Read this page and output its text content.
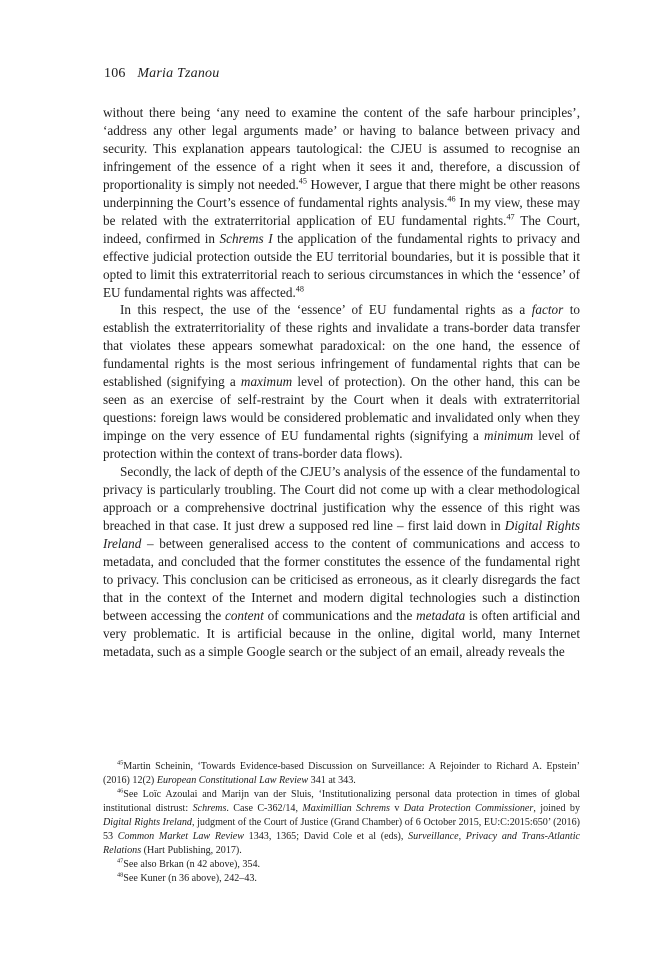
106 Maria Tzanou

without there being ‘any need to examine the content of the safe harbour principles’, ‘address any other legal arguments made’ or having to balance between privacy and security. This explanation appears tautological: the CJEU is assumed to recognise an infringement of the essence of a right when it sees it and, therefore, a discussion of proportionality is simply not needed.$^{45}$ However, I argue that there might be other reasons underpinning the Court’s essence of fundamental rights analysis.$^{46}$ In my view, these may be related with the extraterritorial application of EU fundamental rights.$^{47}$ The Court, indeed, confirmed in Schrems I the application of the fundamental rights to privacy and effective judicial protection outside the EU territorial boundaries, but it is possible that it opted to limit this extraterritorial reach to serious circumstances in which the ‘essence’ of EU fundamental rights was affected.$^{48}$

In this respect, the use of the ‘essence’ of EU fundamental rights as a factor to establish the extraterritoriality of these rights and invalidate a trans-border data transfer that violates these appears somewhat paradoxical: on the one hand, the essence of fundamental rights is the most serious infringement of fundamental rights that can be established (signifying a maximum level of protection). On the other hand, this can be seen as an exercise of self-restraint by the Court when it deals with extraterritorial questions: foreign laws would be considered problematic and invalidated only when they impinge on the very essence of EU fundamental rights (signifying a minimum level of protection within the context of trans-border data flows).

Secondly, the lack of depth of the CJEU’s analysis of the essence of the fundamental to privacy is particularly troubling. The Court did not come up with a clear methodological approach or a comprehensive doctrinal justification why the essence of this right was breached in that case. It just drew a supposed red line – first laid down in Digital Rights Ireland – between generalised access to the content of communications and access to metadata, and concluded that the former constitutes the essence of the fundamental right to privacy. This conclusion can be criticised as erroneous, as it clearly disregards the fact that in the context of the Internet and modern digital technologies such a distinction between accessing the content of communications and the metadata is often artificial and very problematic. It is artificial because in the online, digital world, many Internet metadata, such as a simple Google search or the subject of an email, already reveals the

$^{45}$Martin Scheinin, ‘Towards Evidence-based Discussion on Surveillance: A Rejoinder to Richard A. Epstein’ (2016) 12(2) European Constitutional Law Review 341 at 343.

$^{46}$See Loïc Azoulai and Marijn van der Sluis, ‘Institutionalizing personal data protection in times of global institutional distrust: Schrems. Case C-362/14, Maximillian Schrems v Data Protection Commissioner, joined by Digital Rights Ireland, judgment of the Court of Justice (Grand Chamber) of 6 October 2015, EU:C:2015:650’ (2016) 53 Common Market Law Review 1343, 1365; David Cole et al (eds), Surveillance, Privacy and Trans-Atlantic Relations (Hart Publishing, 2017).

$^{47}$See also Brkan (n 42 above), 354.

$^{48}$See Kuner (n 36 above), 242–43.
